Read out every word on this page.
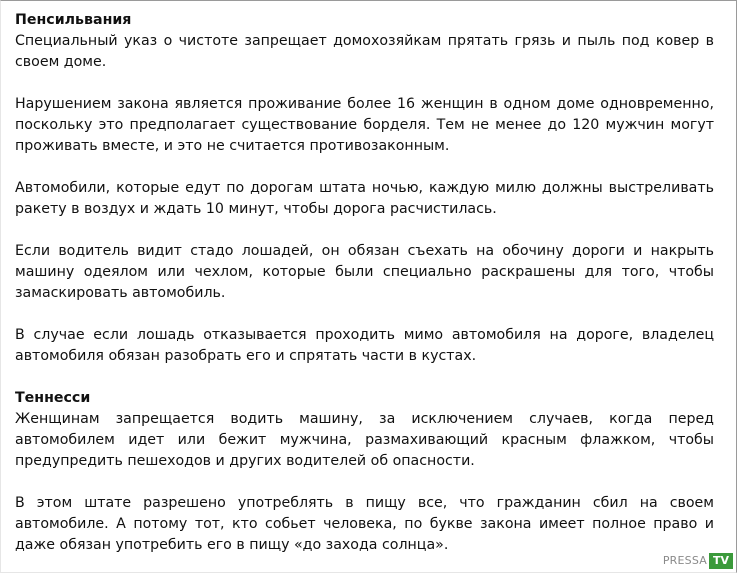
Пенсильвания

Специальный указ о чистоте запрещает домохозяйкам прятать грязь и пыль под ковер в своем доме.

Нарушением закона является проживание более 16 женщин в одном доме одновременно, поскольку это предполагает существование борделя. Тем не менее до 120 мужчин могут проживать вместе, и это не считается противозаконным.

Автомобили, которые едут по дорогам штата ночью, каждую милю должны выстреливать ракету в воздух и ждать 10 минут, чтобы дорога расчистилась.

Если водитель видит стадо лошадей, он обязан съехать на обочину дороги и накрыть машину одеялом или чехлом, которые были специально раскрашены для того, чтобы замаскировать автомобиль.

В случае если лошадь отказывается проходить мимо автомобиля на дороге, владелец автомобиля обязан разобрать его и спрятать части в кустах.

Теннесси

Женщинам запрещается водить машину, за исключением случаев, когда перед автомобилем идет или бежит мужчина, размахивающий красным флажком, чтобы предупредить пешеходов и других водителей об опасности.

В этом штате разрешено употреблять в пищу все, что гражданин сбил на своем автомобиле. А потому тот, кто собьет человека, по букве закона имеет полное право и даже обязан употребить его в пищу «до захода солнца».

PRESSA TV
